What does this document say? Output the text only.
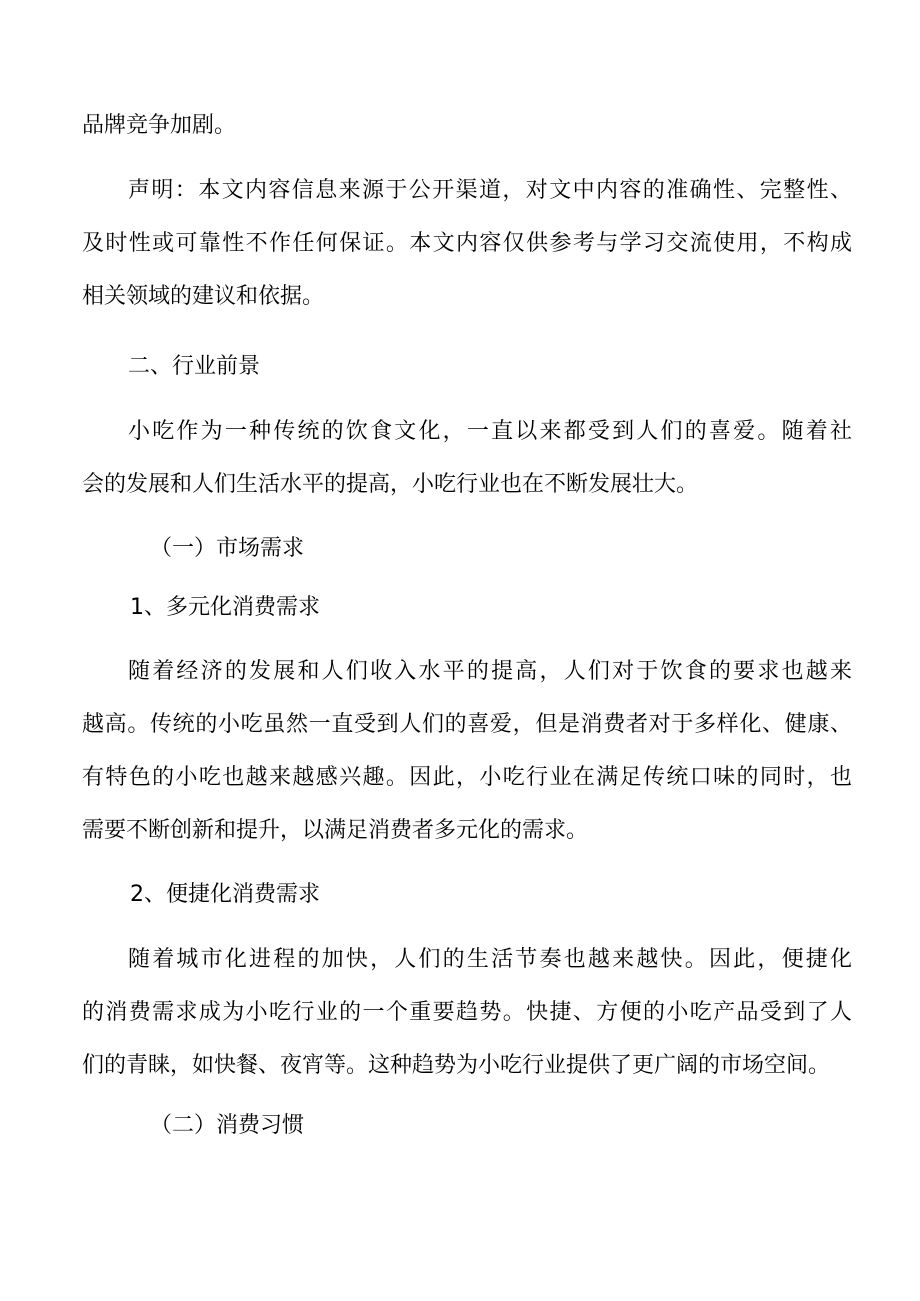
品牌竞争加剧。
声明：本文内容信息来源于公开渠道，对文中内容的准确性、完整性、
及时性或可靠性不作任何保证。本文内容仅供参考与学习交流使用，不构成
相关领域的建议和依据。
二、行业前景
小吃作为一种传统的饮食文化，一直以来都受到人们的喜爱。随着社
会的发展和人们生活水平的提高，小吃行业也在不断发展壮大。
（一）市场需求
1、多元化消费需求
随着经济的发展和人们收入水平的提高，人们对于饮食的要求也越来
越高。传统的小吃虽然一直受到人们的喜爱，但是消费者对于多样化、健康、
有特色的小吃也越来越感兴趣。因此，小吃行业在满足传统口味的同时，也
需要不断创新和提升，以满足消费者多元化的需求。
2、便捷化消费需求
随着城市化进程的加快，人们的生活节奏也越来越快。因此，便捷化
的消费需求成为小吃行业的一个重要趋势。快捷、方便的小吃产品受到了人
们的青睐，如快餐、夜宵等。这种趋势为小吃行业提供了更广阔的市场空间。
（二）消费习惯
